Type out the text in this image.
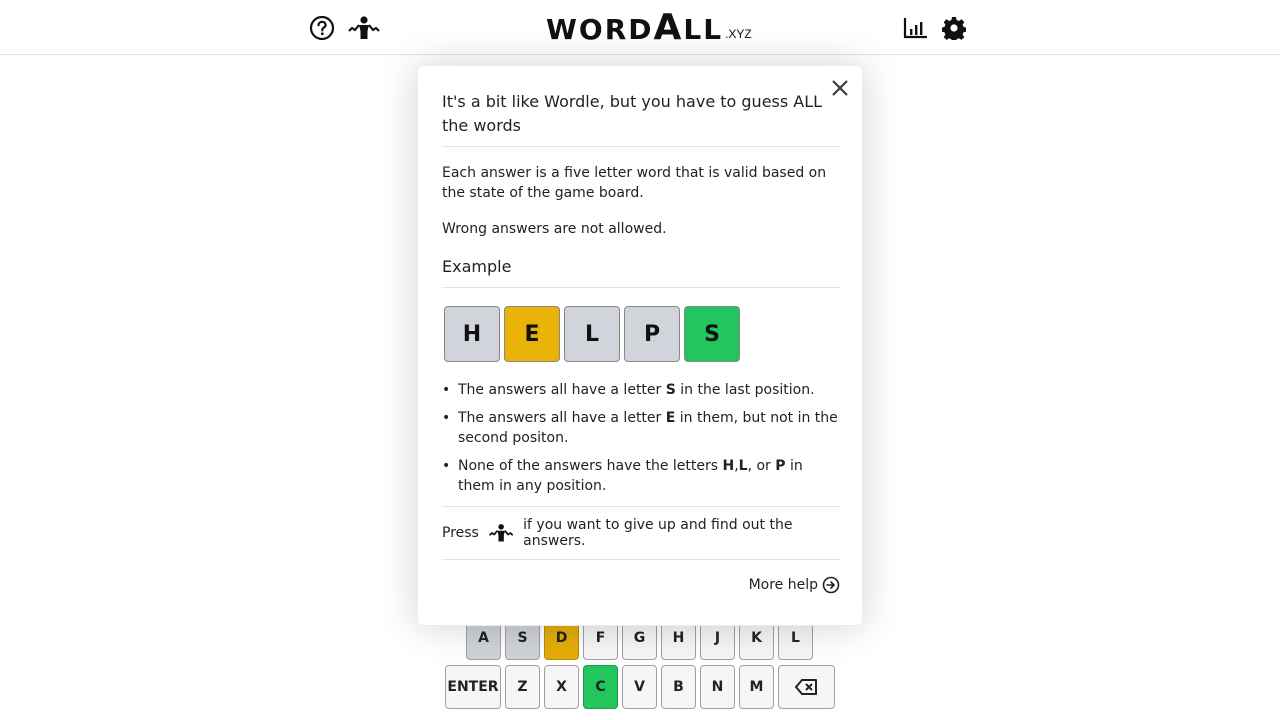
WORDALL .XYZ
A S D F G H J K L
ENTER Z X C V B N M
It's a bit like Wordle, but you have to guess ALL the words
Each answer is a five letter word that is valid based on the state of the game board.
Wrong answers are not allowed.
Example
H	E	L	P	S
• The answers all have a letter S in the last position.
• The answers all have a letter E in them, but not in the second positon.
• None of the answers have the letters H,L, or P in them in any position.
Press	if you want to give up and find out the answers.
More help
